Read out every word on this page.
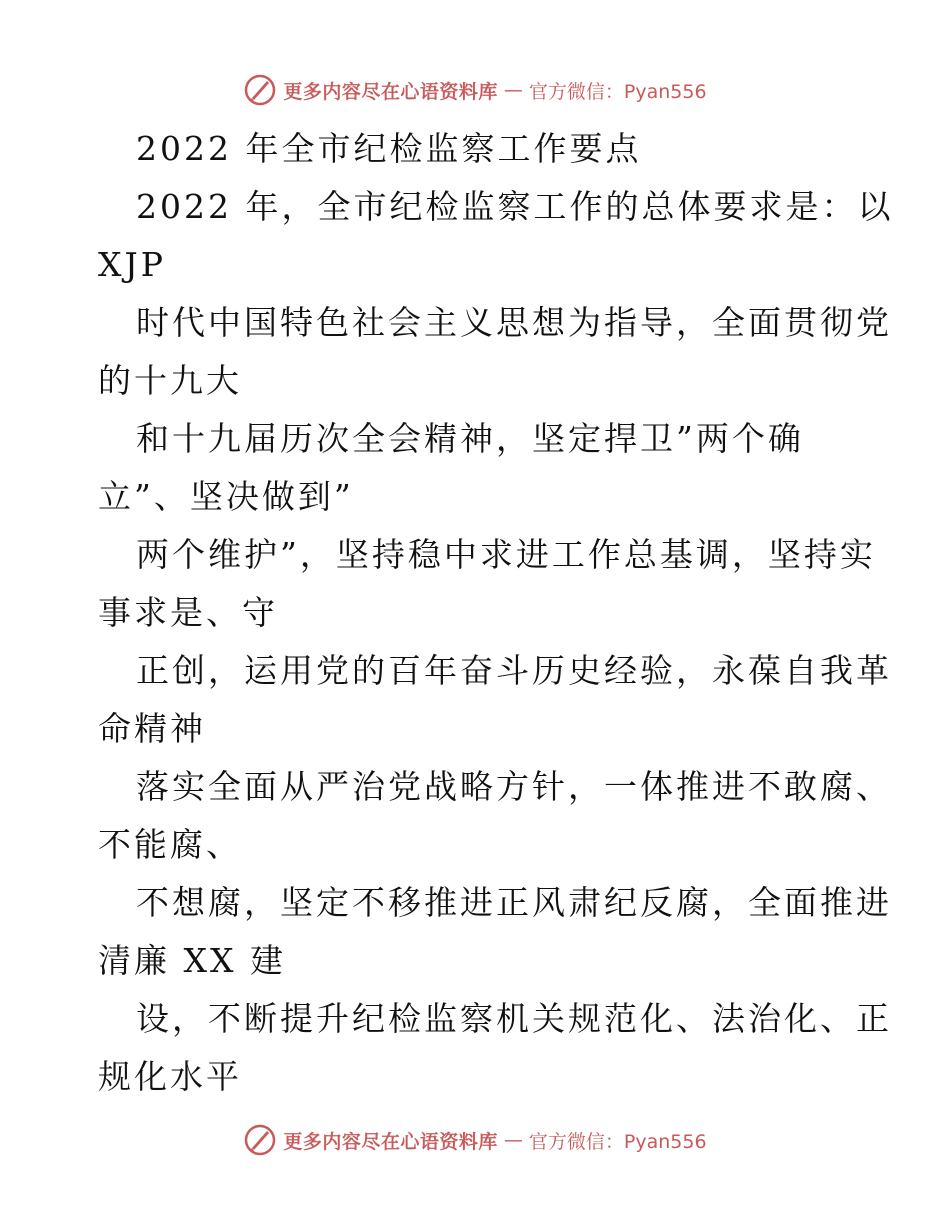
更多内容尽在心语资料库 — 官方微信：Pyan556
2022 年全市纪检监察工作要点
2022 年，全市纪检监察工作的总体要求是：以
XJP
时代中国特色社会主义思想为指导，全面贯彻党
的十九大
和十九届历次全会精神，坚定捍卫”两个确
立”、坚决做到”
两个维护”，坚持稳中求进工作总基调，坚持实
事求是、守
正创，运用党的百年奋斗历史经验，永葆自我革
命精神
落实全面从严治党战略方针，一体推进不敢腐、
不能腐、
不想腐，坚定不移推进正风肃纪反腐，全面推进
清廉 XX 建
设，不断提升纪检监察机关规范化、法治化、正
规化水平
更多内容尽在心语资料库 — 官方微信：Pyan556
